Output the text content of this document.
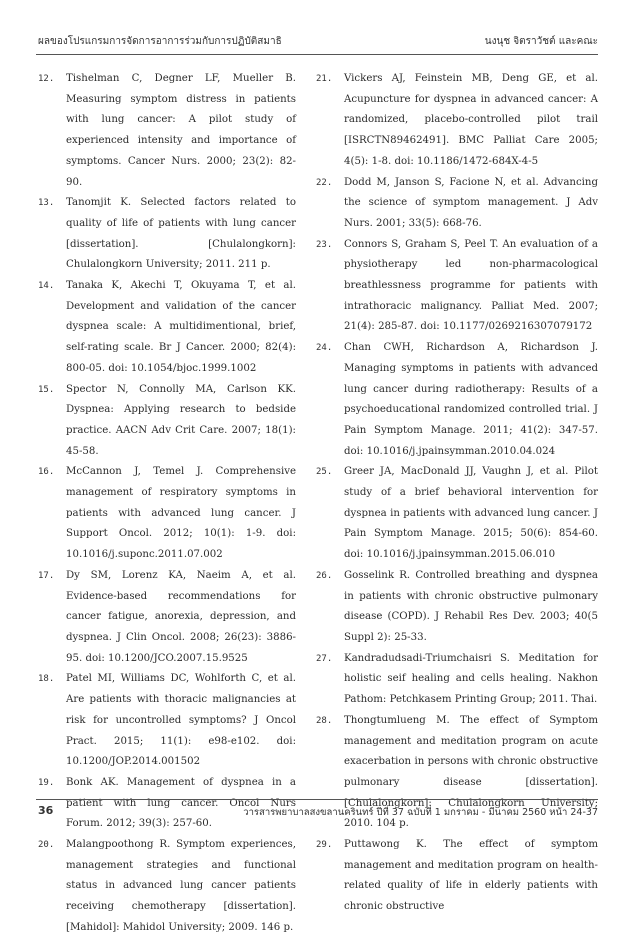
ผลของโปรแกรมการจัดการอาการร่วมกับการปฏิบัติสมาธิ	นงนุช จิตราวัชต์ และคณะ
12. Tishelman C, Degner LF, Mueller B. Measuring symptom distress in patients with lung cancer: A pilot study of experienced intensity and importance of symptoms. Cancer Nurs. 2000; 23(2): 82-90.
13. Tanomjit K. Selected factors related to quality of life of patients with lung cancer [dissertation]. [Chulalongkorn]: Chulalongkorn University; 2011. 211 p.
14. Tanaka K, Akechi T, Okuyama T, et al. Development and validation of the cancer dyspnea scale: A multidimentional, brief, self-rating scale. Br J Cancer. 2000; 82(4): 800-05. doi: 10.1054/bjoc.1999.1002
15. Spector N, Connolly MA, Carlson KK. Dyspnea: Applying research to bedside practice. AACN Adv Crit Care. 2007; 18(1): 45-58.
16. McCannon J, Temel J. Comprehensive management of respiratory symptoms in patients with advanced lung cancer. J Support Oncol. 2012; 10(1): 1-9. doi: 10.1016/j.suponc.2011.07.002
17. Dy SM, Lorenz KA, Naeim A, et al. Evidence-based recommendations for cancer fatigue, anorexia, depression, and dyspnea. J Clin Oncol. 2008; 26(23): 3886-95. doi: 10.1200/JCO.2007.15.9525
18. Patel MI, Williams DC, Wohlforth C, et al. Are patients with thoracic malignancies at risk for uncontrolled symptoms? J Oncol Pract. 2015; 11(1): e98-e102. doi: 10.1200/JOP.2014.001502
19. Bonk AK. Management of dyspnea in a patient with lung cancer. Oncol Nurs Forum. 2012; 39(3): 257-60.
20. Malangpoothong R. Symptom experiences, management strategies and functional status in advanced lung cancer patients receiving chemotherapy [dissertation]. [Mahidol]: Mahidol University; 2009. 146 p.
21. Vickers AJ, Feinstein MB, Deng GE, et al. Acupuncture for dyspnea in advanced cancer: A randomized, placebo-controlled pilot trail [ISRCTN89462491]. BMC Palliat Care 2005; 4(5): 1-8. doi: 10.1186/1472-684X-4-5
22. Dodd M, Janson S, Facione N, et al. Advancing the science of symptom management. J Adv Nurs. 2001; 33(5): 668-76.
23. Connors S, Graham S, Peel T. An evaluation of a physiotherapy led non-pharmacological breathlessness programme for patients with intrathoracic malignancy. Palliat Med. 2007; 21(4): 285-87. doi: 10.1177/0269216307079172
24. Chan CWH, Richardson A, Richardson J. Managing symptoms in patients with advanced lung cancer during radiotherapy: Results of a psychoeducational randomized controlled trial. J Pain Symptom Manage. 2011; 41(2): 347-57. doi: 10.1016/j.jpainsymman.2010.04.024
25. Greer JA, MacDonald JJ, Vaughn J, et al. Pilot study of a brief behavioral intervention for dyspnea in patients with advanced lung cancer. J Pain Symptom Manage. 2015; 50(6): 854-60. doi: 10.1016/j.jpainsymman.2015.06.010
26. Gosselink R. Controlled breathing and dyspnea in patients with chronic obstructive pulmonary disease (COPD). J Rehabil Res Dev. 2003; 40(5 Suppl 2): 25-33.
27. Kandradudsadi-Triumchaisri S. Meditation for holistic seif healing and cells healing. Nakhon Pathom: Petchkasem Printing Group; 2011. Thai.
28. Thongtumlueng M. The effect of Symptom management and meditation program on acute exacerbation in persons with chronic obstructive pulmonary disease [dissertation]. [Chulalongkorn]: Chulalongkorn University; 2010. 104 p.
29. Puttawong K. The effect of symptom management and meditation program on health-related quality of life in elderly patients with chronic obstructive
36	วารสารพยาบาลสงขลานครินทร์ ปีที่ 37 ฉบับที่ 1 มกราคม - มีนาคม 2560 หน้า 24-37
